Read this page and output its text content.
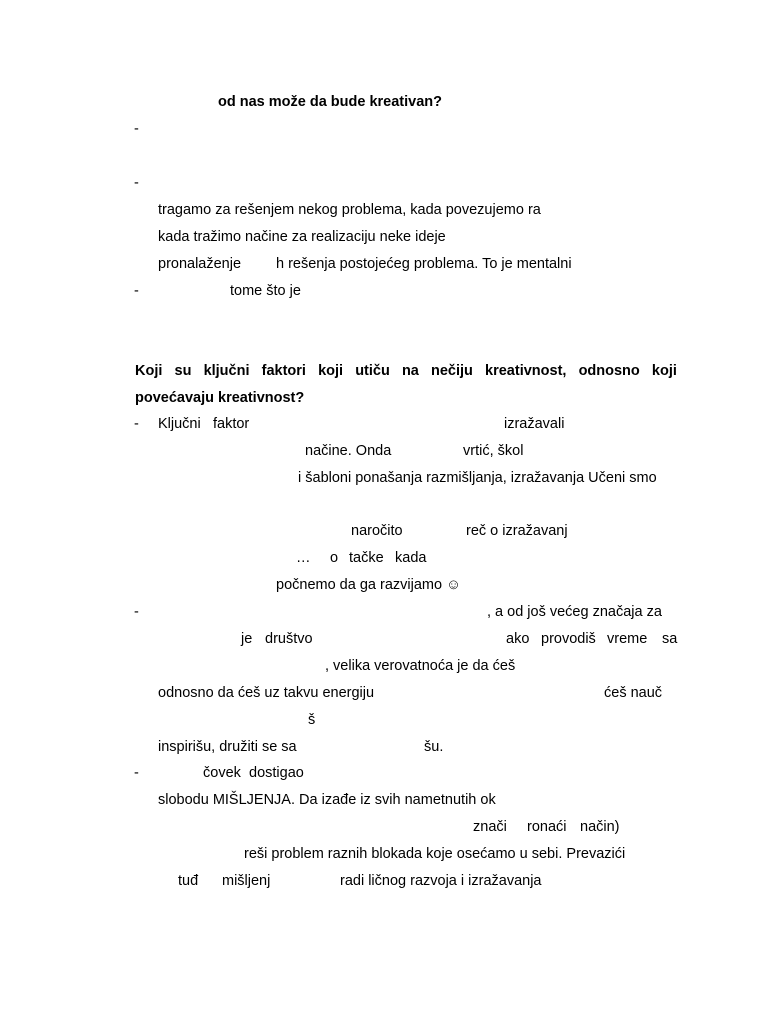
od nas može da bude kreativan?
-
-
tragamo za rešenjem nekog problema, kada povezujemo ra
kada tražimo načine za realizaciju neke ideje
pronalaženje h rešenja postojećeg problema. To je mentalni
-	tome što je
Koji su ključni faktori koji utiču na nečiju kreativnost, odnosno koji
povećavaju kreativnost?
- Ključni faktor	izražavali
načine. Onda	vrtić, škol
i šabloni ponašanja razmišljanja, izražavanja Učeni smo
naročito	reč o izražavanj
… o tačke kada
počnemo da ga razvijamo ☺
-	, a od još većeg značaja za
je društvo	ako provodiš vreme sa
, velika verovatnoća je da ćeš
odnosno da ćeš uz takvu energiju	ćeš nauč
š
inspirišu, družiti se sa	šu.
-	čovek dostigao
slobodu MIŠLJENJA. Da izađe iz svih nametnutih ok
znači ronaći način)
reši problem raznih blokada koje osećamo u sebi. Prevazići
tuđ mišljenj	radi ličnog razvoja i izražavanja
